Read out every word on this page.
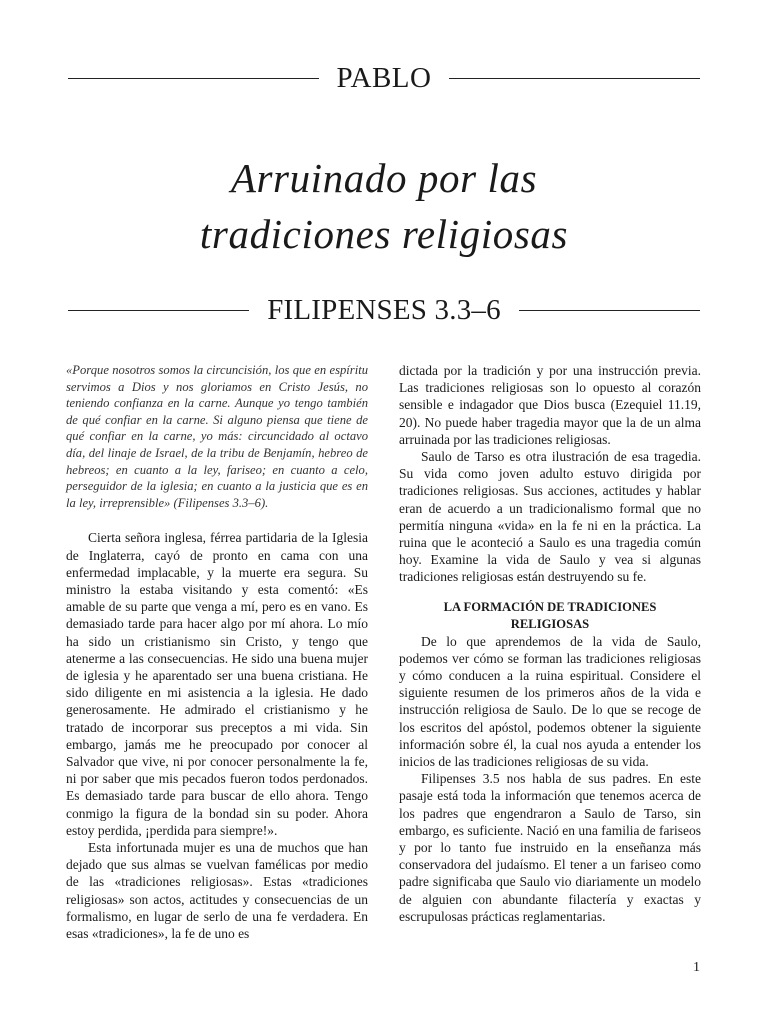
PABLO
Arruinado por las
tradiciones religiosas
FILIPENSES 3.3–6

«Porque nosotros somos la circuncisión, los que en espíritu servimos a Dios y nos gloriamos en Cristo Jesús, no teniendo confianza en la carne. Aunque yo tengo también de qué confiar en la carne. Si alguno piensa que tiene de qué confiar en la carne, yo más: circuncidado al octavo día, del linaje de Israel, de la tribu de Benjamín, hebreo de hebreos; en cuanto a la ley, fariseo; en cuanto a celo, perseguidor de la iglesia; en cuanto a la justicia que es en la ley, irreprensible» (Filipenses 3.3–6).

Cierta señora inglesa, férrea partidaria de la Iglesia de Inglaterra, cayó de pronto en cama con una enfermedad implacable, y la muerte era segura. Su ministro la estaba visitando y esta comentó: «Es amable de su parte que venga a mí, pero es en vano. Es demasiado tarde para hacer algo por mí ahora. Lo mío ha sido un cristianismo sin Cristo, y tengo que atenerme a las consecuencias. He sido una buena mujer de iglesia y he aparentado ser una buena cristiana. He sido diligente en mi asistencia a la iglesia. He dado generosamente. He admirado el cristianismo y he tratado de incorporar sus preceptos a mi vida. Sin embargo, jamás me he preocupado por conocer al Salvador que vive, ni por conocer personalmente la fe, ni por saber que mis pecados fueron todos perdonados. Es demasiado tarde para buscar de ello ahora. Tengo conmigo la figura de la bondad sin su poder. Ahora estoy perdida, ¡perdida para siempre!».

Esta infortunada mujer es una de muchos que han dejado que sus almas se vuelvan famélicas por medio de las «tradiciones religiosas». Estas «tradiciones religiosas» son actos, actitudes y consecuencias de un formalismo, en lugar de serlo de una fe verdadera. En esas «tradiciones», la fe de uno es

dictada por la tradición y por una instrucción previa. Las tradiciones religiosas son lo opuesto al corazón sensible e indagador que Dios busca (Ezequiel 11.19, 20). No puede haber tragedia mayor que la de un alma arruinada por las tradiciones religiosas.

Saulo de Tarso es otra ilustración de esa tragedia. Su vida como joven adulto estuvo dirigida por tradiciones religiosas. Sus acciones, actitudes y hablar eran de acuerdo a un tradicionalismo formal que no permitía ninguna «vida» en la fe ni en la práctica. La ruina que le aconteció a Saulo es una tragedia común hoy. Examine la vida de Saulo y vea si algunas tradiciones religiosas están destruyendo su fe.

LA FORMACIÓN DE TRADICIONES
RELIGIOSAS

De lo que aprendemos de la vida de Saulo, podemos ver cómo se forman las tradiciones religiosas y cómo conducen a la ruina espiritual. Considere el siguiente resumen de los primeros años de la vida e instrucción religiosa de Saulo. De lo que se recoge de los escritos del apóstol, podemos obtener la siguiente información sobre él, la cual nos ayuda a entender los inicios de las tradiciones religiosas de su vida.

Filipenses 3.5 nos habla de sus padres. En este pasaje está toda la información que tenemos acerca de los padres que engendraron a Saulo de Tarso, sin embargo, es suficiente. Nació en una familia de fariseos y por lo tanto fue instruido en la enseñanza más conservadora del judaísmo. El tener a un fariseo como padre significaba que Saulo vio diariamente un modelo de alguien con abundante filactería y exactas y escrupulosas prácticas reglamentarias.

1
